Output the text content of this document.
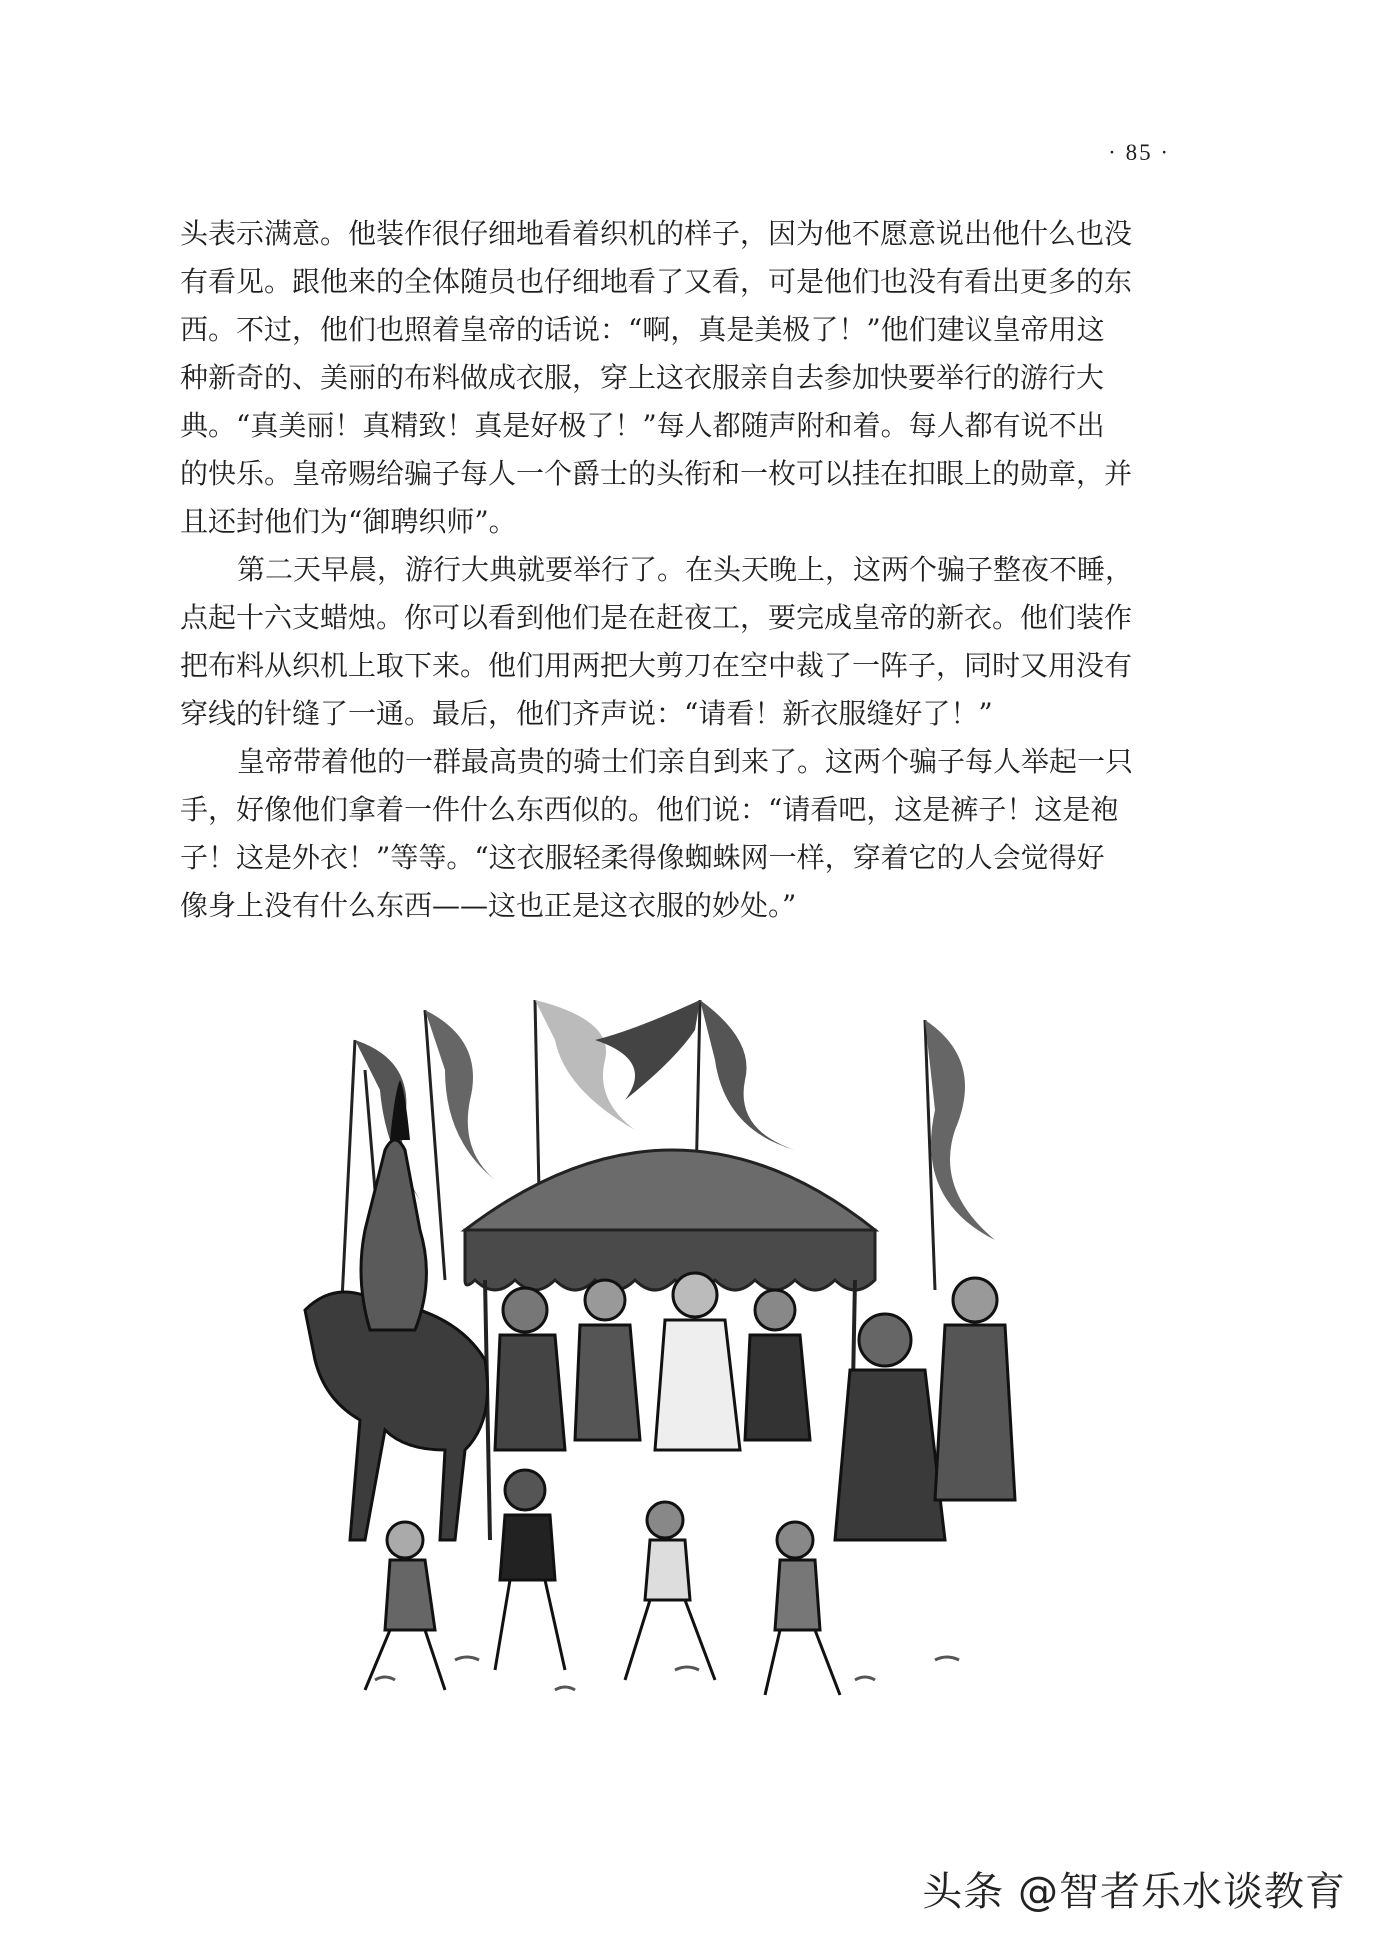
· 85 ·
头表示满意。他装作很仔细地看着织机的样子，因为他不愿意说出他什么也没
有看见。跟他来的全体随员也仔细地看了又看，可是他们也没有看出更多的东
西。不过，他们也照着皇帝的话说：“啊，真是美极了！”他们建议皇帝用这
种新奇的、美丽的布料做成衣服，穿上这衣服亲自去参加快要举行的游行大
典。“真美丽！真精致！真是好极了！”每人都随声附和着。每人都有说不出
的快乐。皇帝赐给骗子每人一个爵士的头衔和一枚可以挂在扣眼上的勋章，并
且还封他们为“御聘织师”。
第二天早晨，游行大典就要举行了。在头天晚上，这两个骗子整夜不睡，
点起十六支蜡烛。你可以看到他们是在赶夜工，要完成皇帝的新衣。他们装作
把布料从织机上取下来。他们用两把大剪刀在空中裁了一阵子，同时又用没有
穿线的针缝了一通。最后，他们齐声说：“请看！新衣服缝好了！”
皇帝带着他的一群最高贵的骑士们亲自到来了。这两个骗子每人举起一只
手，好像他们拿着一件什么东西似的。他们说：“请看吧，这是裤子！这是袍
子！这是外衣！”等等。“这衣服轻柔得像蜘蛛网一样，穿着它的人会觉得好
像身上没有什么东西——这也正是这衣服的妙处。”
头条 @智者乐水谈教育
